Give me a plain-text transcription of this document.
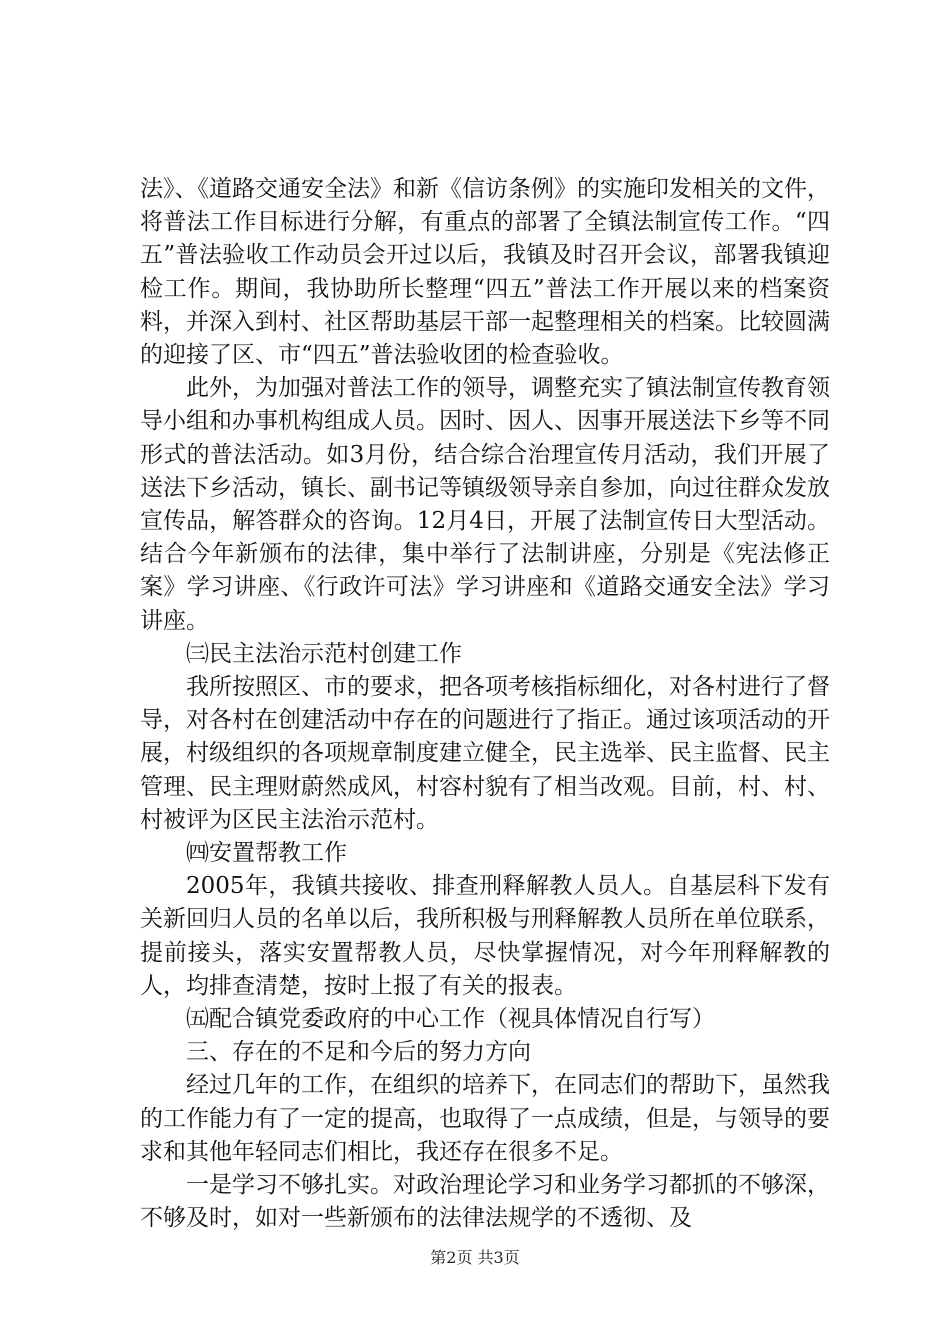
法》、《道路交通安全法》和新《信访条例》的实施印发相关的文件，将普法工作目标进行分解，有重点的部署了全镇法制宣传工作。“四五”普法验收工作动员会开过以后，我镇及时召开会议，部署我镇迎检工作。期间，我协助所长整理“四五”普法工作开展以来的档案资料，并深入到村、社区帮助基层干部一起整理相关的档案。比较圆满的迎接了区、市“四五”普法验收团的检查验收。

此外，为加强对普法工作的领导，调整充实了镇法制宣传教育领导小组和办事机构组成人员。因时、因人、因事开展送法下乡等不同形式的普法活动。如3月份，结合综合治理宣传月活动，我们开展了送法下乡活动，镇长、副书记等镇级领导亲自参加，向过往群众发放宣传品，解答群众的咨询。12月4日，开展了法制宣传日大型活动。结合今年新颁布的法律，集中举行了法制讲座，分别是《宪法修正案》学习讲座、《行政许可法》学习讲座和《道路交通安全法》学习讲座。

㈢民主法治示范村创建工作

我所按照区、市的要求，把各项考核指标细化，对各村进行了督导，对各村在创建活动中存在的问题进行了指正。通过该项活动的开展，村级组织的各项规章制度建立健全，民主选举、民主监督、民主管理、民主理财蔚然成风，村容村貌有了相当改观。目前，村、村、村被评为区民主法治示范村。

㈣安置帮教工作

2005年，我镇共接收、排查刑释解教人员人。自基层科下发有关新回归人员的名单以后，我所积极与刑释解教人员所在单位联系，提前接头，落实安置帮教人员，尽快掌握情况，对今年刑释解教的人，均排查清楚，按时上报了有关的报表。

㈤配合镇党委政府的中心工作（视具体情况自行写）

三、存在的不足和今后的努力方向

经过几年的工作，在组织的培养下，在同志们的帮助下，虽然我的工作能力有了一定的提高，也取得了一点成绩，但是，与领导的要求和其他年轻同志们相比，我还存在很多不足。

一是学习不够扎实。对政治理论学习和业务学习都抓的不够深，不够及时，如对一些新颁布的法律法规学的不透彻、及

第2页 共3页
